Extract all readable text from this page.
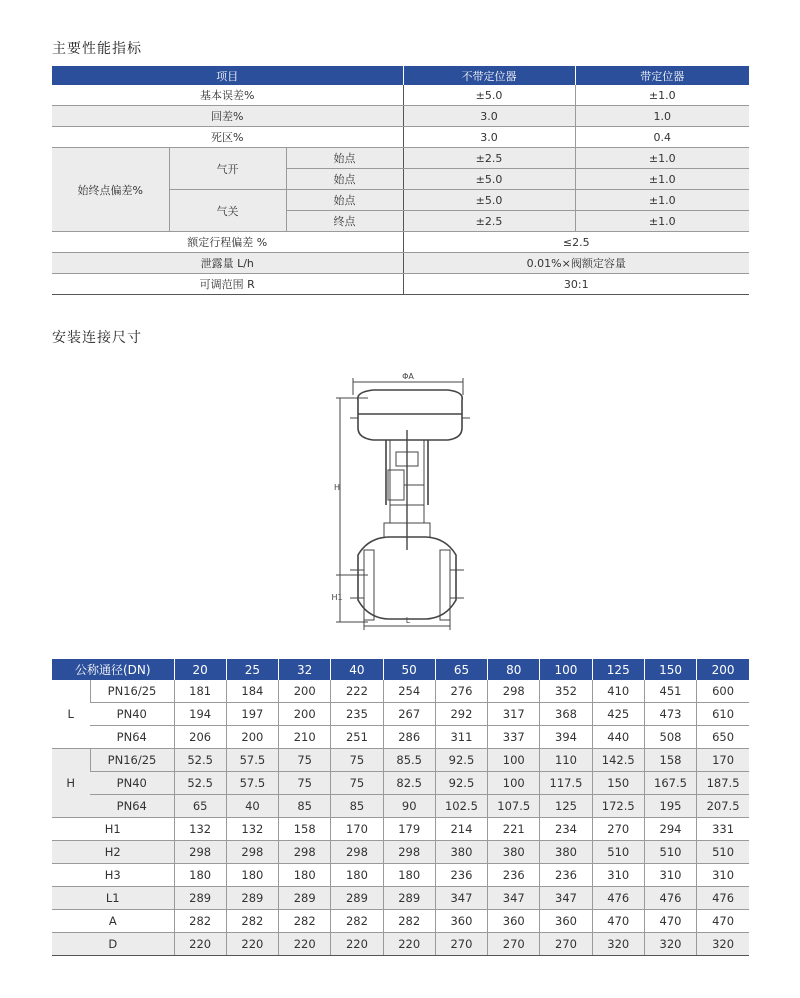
主要性能指标
项目			不带定位器	带定位器
基本误差%			±5.0	±1.0
回差%			3.0	1.0
死区%			3.0	0.4
始终点偏差%	气开	始点	±2.5	±1.0
		始点	±5.0	±1.0
	气关	始点	±5.0	±1.0
		终点	±2.5	±1.0
额定行程偏差 %			≤2.5	
泄露量 L/h			0.01%×阀额定容量	
可调范围 R			30:1	
安装连接尺寸
ΦA
H
H1
L
公称通径(DN)		20	25	32	40	50	65	80	100	125	150	200
L	PN16/25	181	184	200	222	254	276	298	352	410	451	600
	PN40	194	197	200	235	267	292	317	368	425	473	610
	PN64	206	200	210	251	286	311	337	394	440	508	650
H	PN16/25	52.5	57.5	75	75	85.5	92.5	100	110	142.5	158	170
	PN40	52.5	57.5	75	75	82.5	92.5	100	117.5	150	167.5	187.5
	PN64	65	40	85	85	90	102.5	107.5	125	172.5	195	207.5
H1		132	132	158	170	179	214	221	234	270	294	331
H2		298	298	298	298	298	380	380	380	510	510	510
H3		180	180	180	180	180	236	236	236	310	310	310
L1		289	289	289	289	289	347	347	347	476	476	476
A		282	282	282	282	282	360	360	360	470	470	470
D		220	220	220	220	220	270	270	270	320	320	320
